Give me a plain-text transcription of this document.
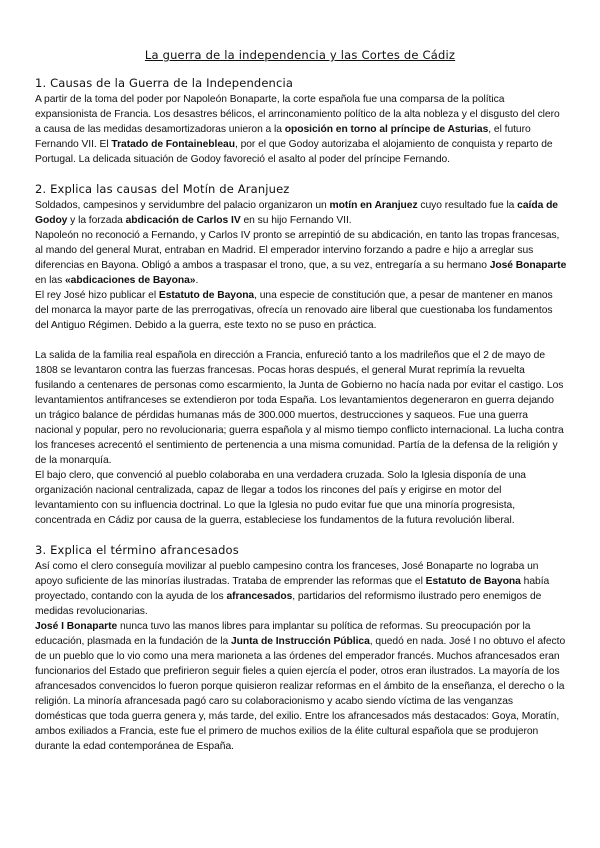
La guerra de la independencia y las Cortes de Cádiz
1. Causas de la Guerra de la Independencia

A partir de la toma del poder por Napoleón Bonaparte, la corte española fue una comparsa de la política expansionista de Francia. Los desastres bélicos, el arrinconamiento político de la alta nobleza y el disgusto del clero a causa de las medidas desamortizadoras unieron a la oposición en torno al príncipe de Asturias, el futuro Fernando VII. El Tratado de Fontainebleau, por el que Godoy autorizaba el alojamiento de conquista y reparto de Portugal. La delicada situación de Godoy favoreció el asalto al poder del príncipe Fernando.

2. Explica las causas del Motín de Aranjuez

Soldados, campesinos y servidumbre del palacio organizaron un motín en Aranjuez cuyo resultado fue la caída de Godoy y la forzada abdicación de Carlos IV en su hijo Fernando VII.

Napoleón no reconoció a Fernando, y Carlos IV pronto se arrepintió de su abdicación, en tanto las tropas francesas, al mando del general Murat, entraban en Madrid. El emperador intervino forzando a padre e hijo a arreglar sus diferencias en Bayona. Obligó a ambos a traspasar el trono, que, a su vez, entregaría a su hermano José Bonaparte en las «abdicaciones de Bayona».

El rey José hizo publicar el Estatuto de Bayona, una especie de constitución que, a pesar de mantener en manos del monarca la mayor parte de las prerrogativas, ofrecía un renovado aire liberal que cuestionaba los fundamentos del Antiguo Régimen. Debido a la guerra, este texto no se puso en práctica.

La salida de la familia real española en dirección a Francia, enfureció tanto a los madrileños que el 2 de mayo de 1808 se levantaron contra las fuerzas francesas. Pocas horas después, el general Murat reprimía la revuelta fusilando a centenares de personas como escarmiento, la Junta de Gobierno no hacía nada por evitar el castigo. Los levantamientos antifranceses se extendieron por toda España. Los levantamientos degeneraron en guerra dejando un trágico balance de pérdidas humanas más de 300.000 muertos, destrucciones y saqueos. Fue una guerra nacional y popular, pero no revolucionaria; guerra española y al mismo tiempo conflicto internacional. La lucha contra los franceses acrecentó el sentimiento de pertenencia a una misma comunidad. Partía de la defensa de la religión y de la monarquía.

El bajo clero, que convenció al pueblo colaboraba en una verdadera cruzada. Solo la Iglesia disponía de una organización nacional centralizada, capaz de llegar a todos los rincones del país y erigirse en motor del levantamiento con su influencia doctrinal. Lo que la Iglesia no pudo evitar fue que una minoría progresista, concentrada en Cádiz por causa de la guerra, estableciese los fundamentos de la futura revolución liberal.

3. Explica el término afrancesados

Así como el clero conseguía movilizar al pueblo campesino contra los franceses, José Bonaparte no lograba un apoyo suficiente de las minorías ilustradas. Trataba de emprender las reformas que el Estatuto de Bayona había proyectado, contando con la ayuda de los afrancesados, partidarios del reformismo ilustrado pero enemigos de medidas revolucionarias.

José I Bonaparte nunca tuvo las manos libres para implantar su política de reformas. Su preocupación por la educación, plasmada en la fundación de la Junta de Instrucción Pública, quedó en nada. José I no obtuvo el afecto de un pueblo que lo vio como una mera marioneta a las órdenes del emperador francés. Muchos afrancesados eran funcionarios del Estado que prefirieron seguir fieles a quien ejercía el poder, otros eran ilustrados. La mayoría de los afrancesados convencidos lo fueron porque quisieron realizar reformas en el ámbito de la enseñanza, el derecho o la religión. La minoría afrancesada pagó caro su colaboracionismo y acabo siendo víctima de las venganzas domésticas que toda guerra genera y, más tarde, del exilio. Entre los afrancesados más destacados: Goya, Moratín, ambos exiliados a Francia, este fue el primero de muchos exilios de la élite cultural española que se produjeron durante la edad contemporánea de España.
